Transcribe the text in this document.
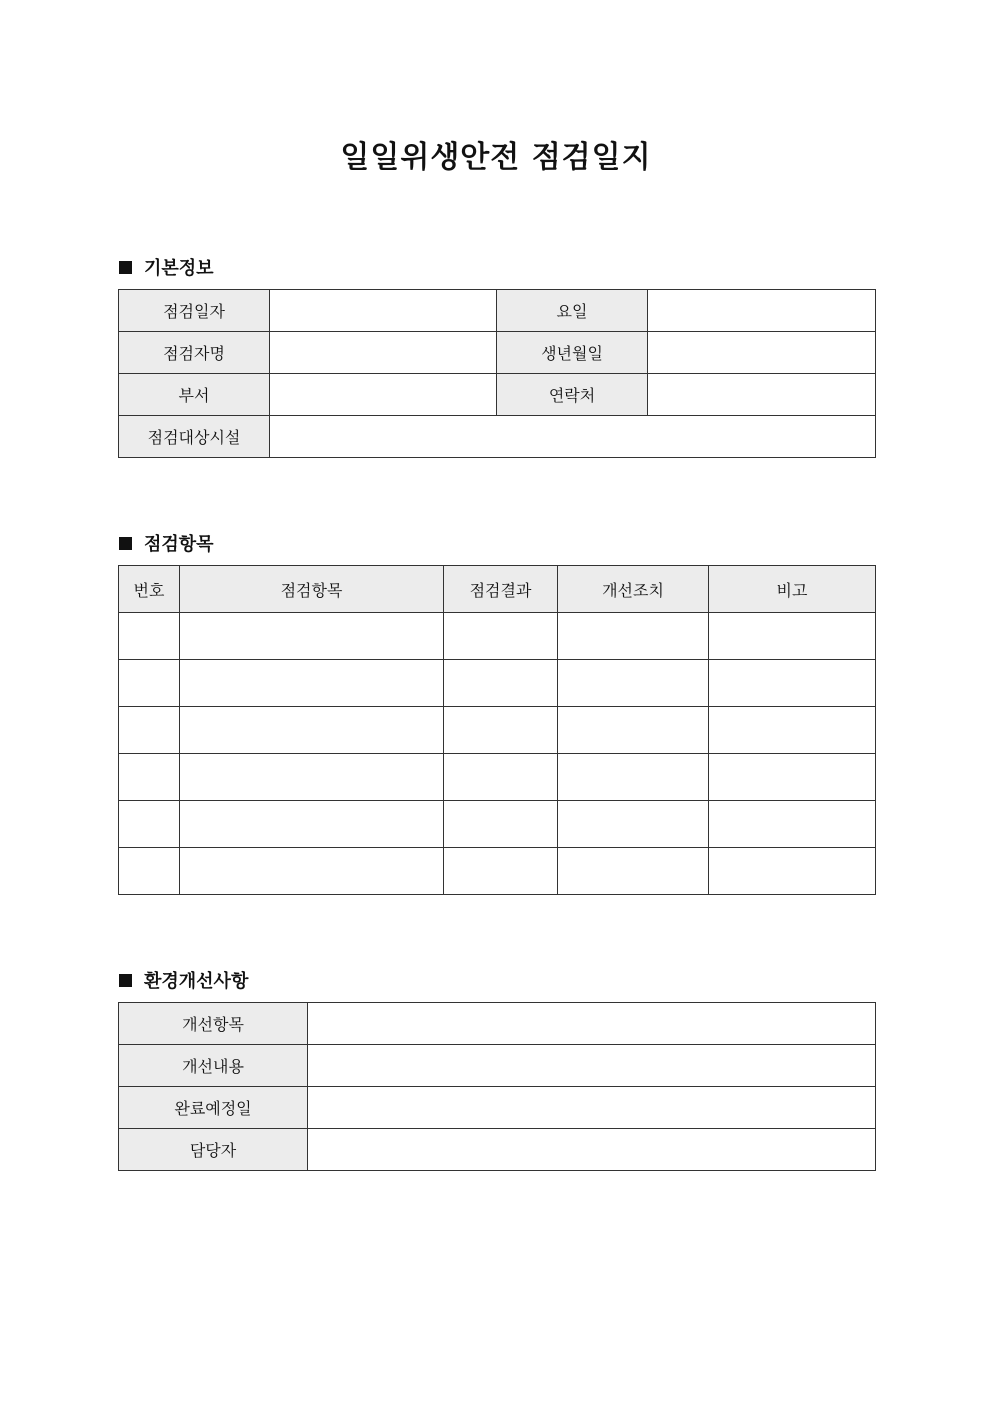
일일위생안전 점검일지
기본정보
점검일자		요일	
점검자명		생년월일	
부서		연락처	
점검대상시설			
점검항목
번호	점검항목	점검결과	개선조치	비고

환경개선사항
개선항목	
개선내용	
완료예정일	
담당자	
